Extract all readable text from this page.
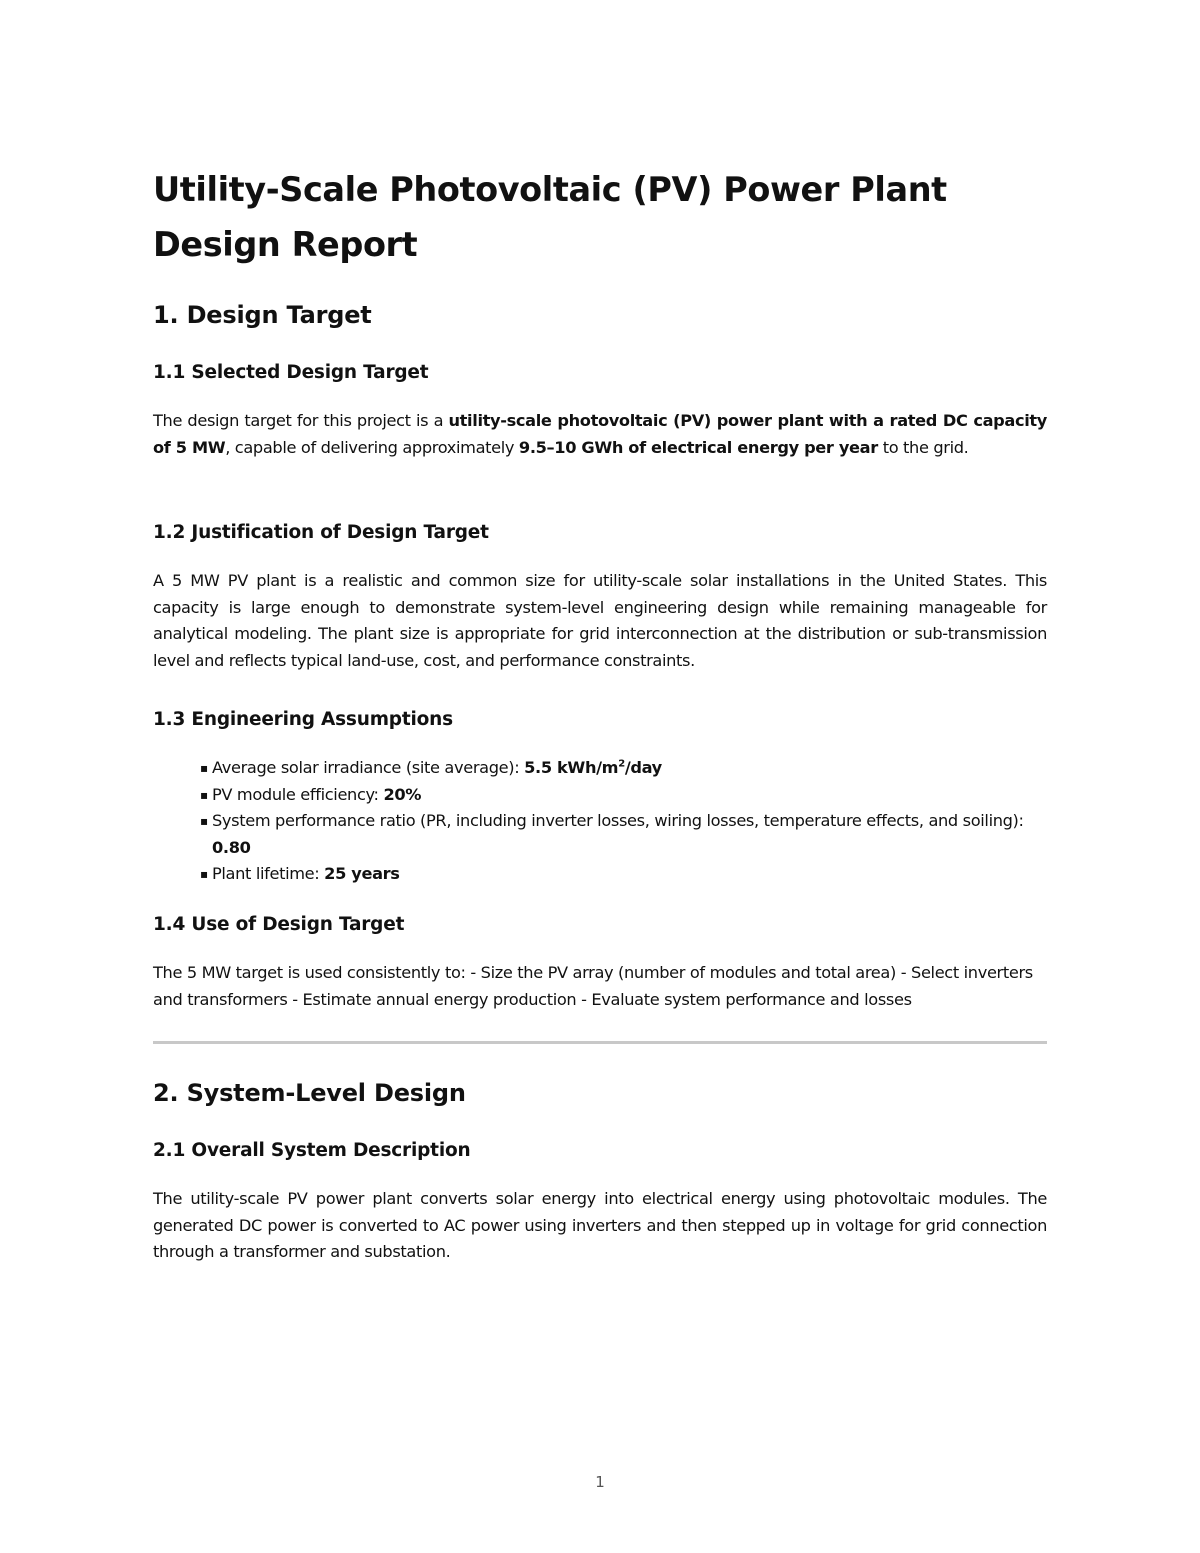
Utility-Scale Photovoltaic (PV) Power Plant Design Report
1. Design Target
1.1 Selected Design Target

The design target for this project is a utility-scale photovoltaic (PV) power plant with a rated DC capacity of 5 MW, capable of delivering approximately 9.5–10 GWh of electrical energy per year to the grid.

1.2 Justification of Design Target

A 5 MW PV plant is a realistic and common size for utility-scale solar installations in the United States. This capacity is large enough to demonstrate system-level engineering design while remaining manageable for analytical modeling. The plant size is appropriate for grid interconnection at the distribution or sub-transmission level and reflects typical land-use, cost, and performance constraints.

1.3 Engineering Assumptions
1.4 Use of Design Target

The 5 MW target is used consistently to: - Size the PV array (number of modules and total area) - Select inverters and transformers - Estimate annual energy production - Evaluate system performance and losses

2. System-Level Design
2.1 Overall System Description

The utility-scale PV power plant converts solar energy into electrical energy using photovoltaic modules. The generated DC power is converted to AC power using inverters and then stepped up in voltage for grid connection through a transformer and substation.

▪ Average solar irradiance (site average): 5.5 kWh/$m^2$/day
▪ PV module efficiency: 20%
▪ System performance ratio (PR, including inverter losses, wiring losses, temperature effects, and soiling): 0.80
▪ Plant lifetime: 25 years
1
